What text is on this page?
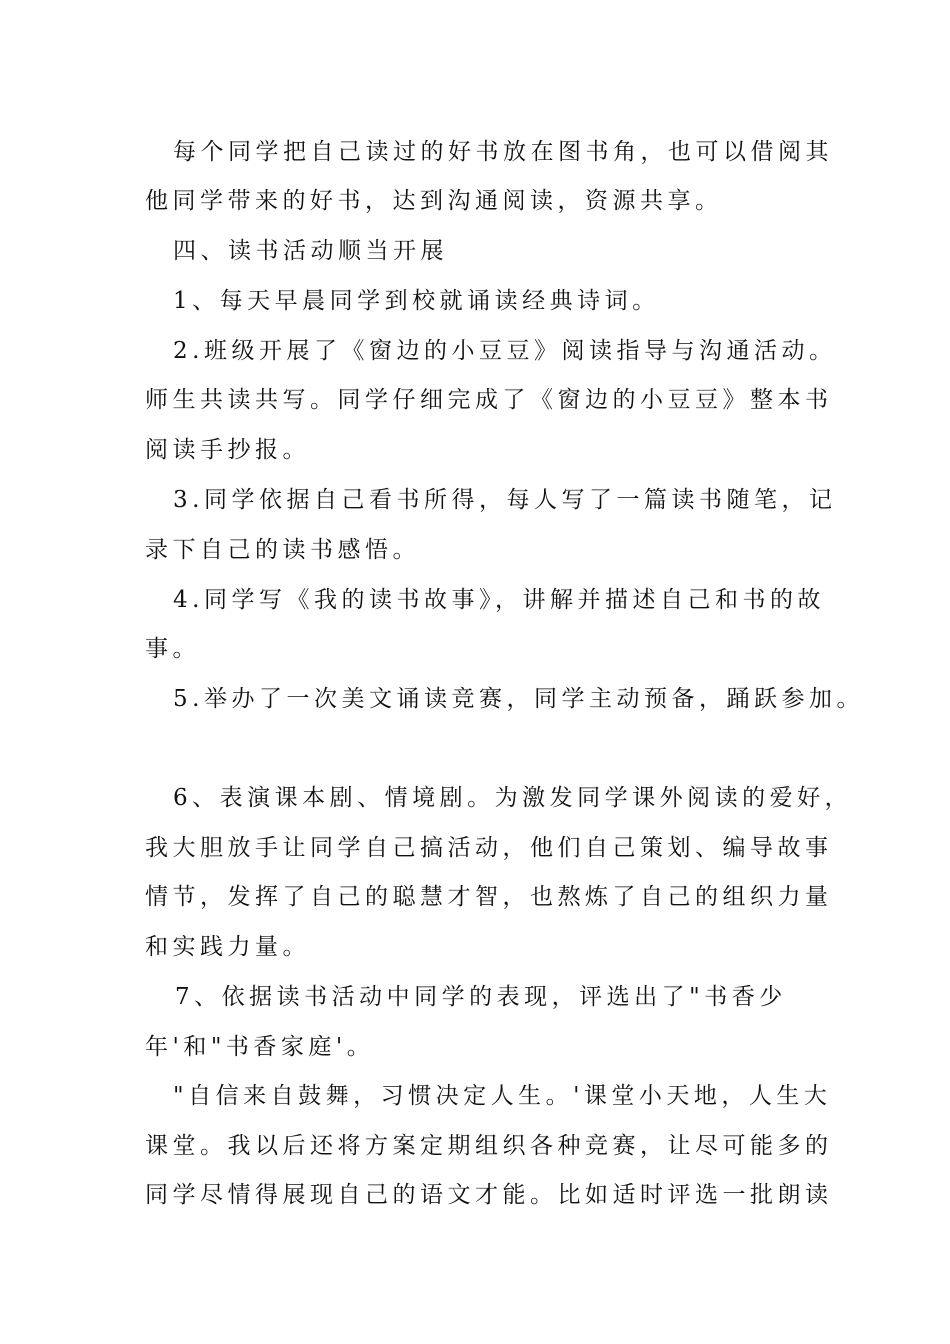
每个同学把自己读过的好书放在图书角，也可以借阅其
他同学带来的好书，达到沟通阅读，资源共享。
四、读书活动顺当开展
1、每天早晨同学到校就诵读经典诗词。
2.班级开展了《窗边的小豆豆》阅读指导与沟通活动。
师生共读共写。同学仔细完成了《窗边的小豆豆》整本书
阅读手抄报。
3.同学依据自己看书所得，每人写了一篇读书随笔，记
录下自己的读书感悟。
4.同学写《我的读书故事》，讲解并描述自己和书的故
事。
5.举办了一次美文诵读竞赛，同学主动预备，踊跃参加。
6、表演课本剧、情境剧。为激发同学课外阅读的爱好，
我大胆放手让同学自己搞活动，他们自己策划、编导故事
情节，发挥了自己的聪慧才智，也熬炼了自己的组织力量
和实践力量。
7、依据读书活动中同学的表现，评选出了"书香少
年'和"书香家庭'。
"自信来自鼓舞，习惯决定人生。'课堂小天地，人生大
课堂。我以后还将方案定期组织各种竞赛，让尽可能多的
同学尽情得展现自己的语文才能。比如适时评选一批朗读
